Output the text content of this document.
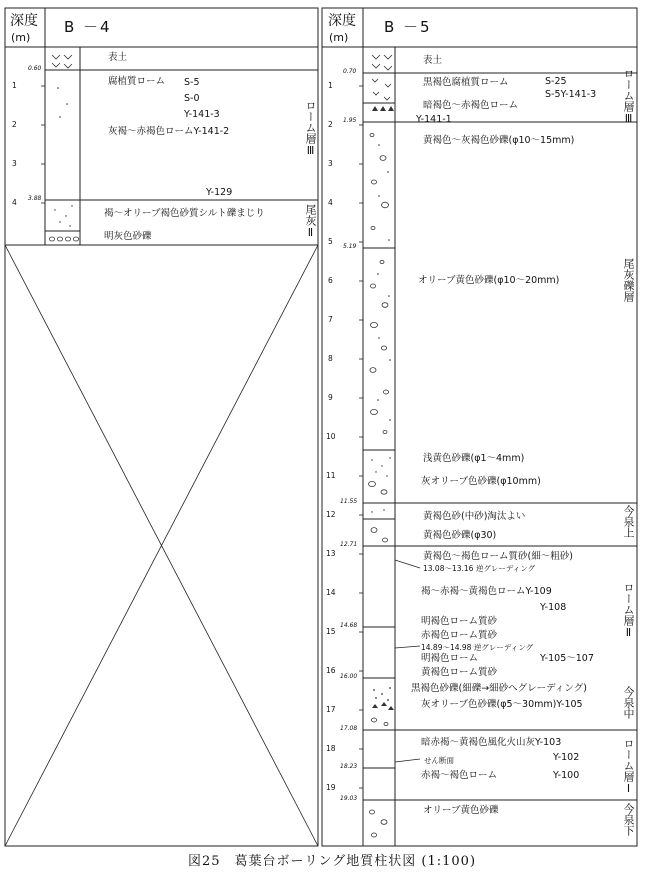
深度
(m)
B －4	深度
(m)
B －5
1
2
3
4
0.60
3.88
表土
腐植質ローム S-5
S-0
Y-141-3
灰褐～赤褐色ロームY-141-2
Y-129
褐～オリーブ褐色砂質シルト礫まじり
明灰色砂礫
ローム層Ⅲ
尾灰Ⅱ
1
2
3
4
5
6
7
8
9
10
11
12
13
14
15
16
17
18
19
0.70
1.95
5.19
11.55
12.71
14.68
16.00
17.08
18.23
19.03
表土
黒褐色腐植質ローム	S-25
S-5Y-141-3
暗褐色～赤褐色ローム
Y-141-1
黄褐色～灰褐色砂礫(φ10～15mm)
オリーブ黄色砂礫(φ10～20mm)
浅黄色砂礫(φ1～4mm)
灰オリーブ色砂礫(φ10mm)
黄褐色砂(中砂)淘汰よい
黄褐色砂礫(φ30)
黄褐色～褐色ローム質砂(細～粗砂)
13.08～13.16 逆グレーディング
褐～赤褐～黄褐色ロームY-109
Y-108
明褐色ローム質砂
赤褐色ローム質砂
14.89～14.98 逆グレーディング
明褐色ローム	Y-105～107
黄褐色ローム質砂
黒褐色砂礫(細礫→細砂へグレーディング)
灰オリーブ色砂礫(φ5～30mm)Y-105
暗赤褐～黄褐色風化火山灰Y-103
Y-102
せん断面
赤褐～褐色ローム	Y-100
オリーブ黄色砂礫
ローム層Ⅲ
尾灰礫層
今泉上
ローム層Ⅱ
今泉中
ローム層Ⅰ
今泉下
図25　葛葉台ボーリング地質柱状図 (1:100)
